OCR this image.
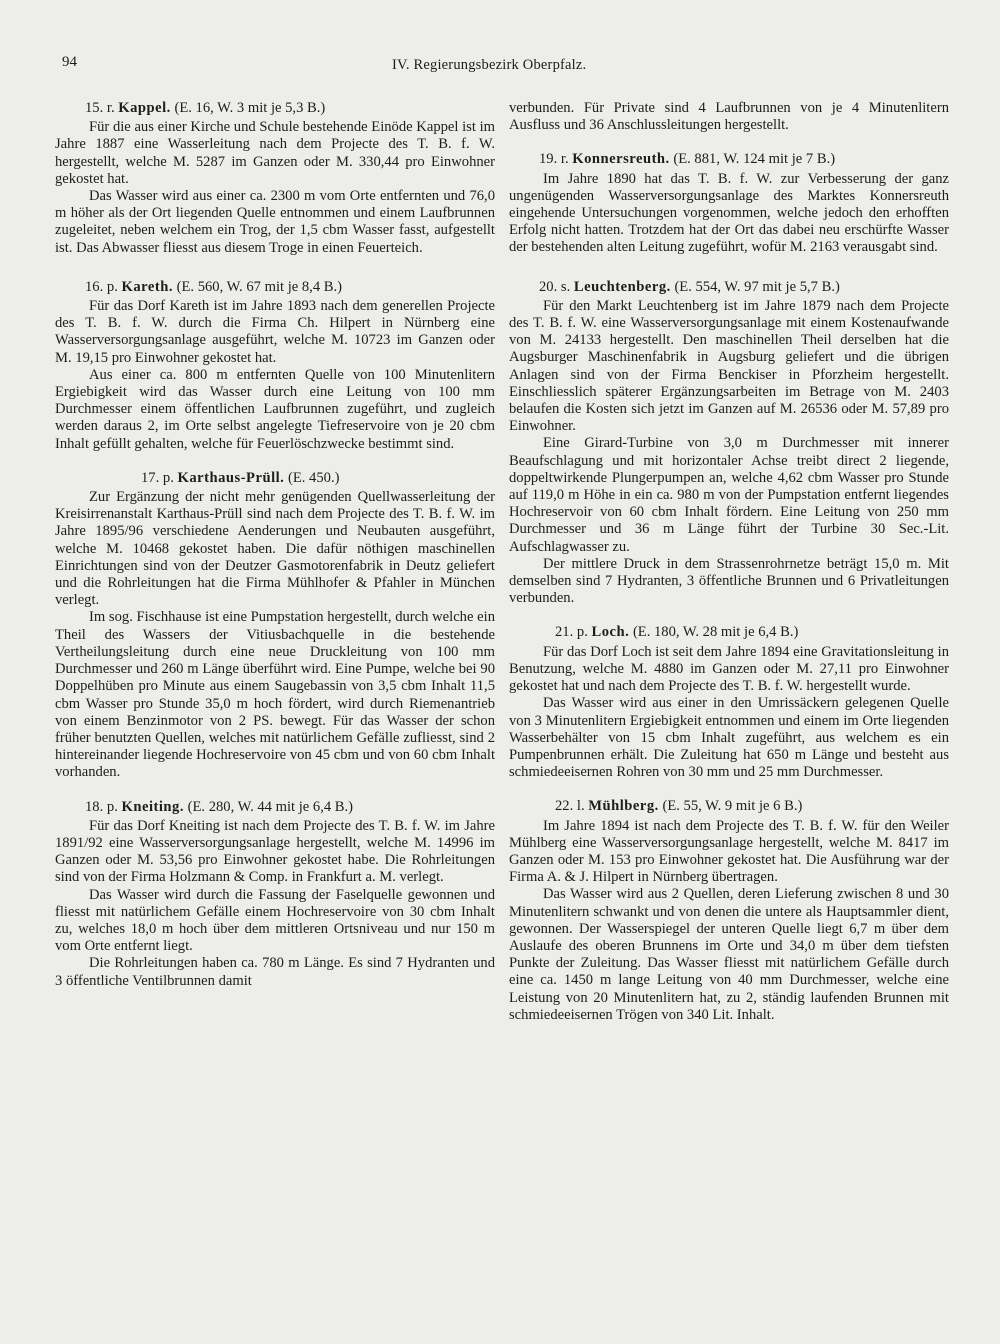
94	IV. Regierungsbezirk Oberpfalz.
15. r. Kappel. (E. 16, W. 3 mit je 5,3 B.)

Für die aus einer Kirche und Schule bestehende Einöde Kappel ist im Jahre 1887 eine Wasserleitung nach dem Projecte des T. B. f. W. hergestellt, welche M. 5287 im Ganzen oder M. 330,44 pro Einwohner gekostet hat.

Das Wasser wird aus einer ca. 2300 m vom Orte entfernten und 76,0 m höher als der Ort liegenden Quelle entnommen und einem Laufbrunnen zugeleitet, neben welchem ein Trog, der 1,5 cbm Wasser fasst, aufgestellt ist. Das Abwasser fliesst aus diesem Troge in einen Feuerteich.

16. p. Kareth. (E. 560, W. 67 mit je 8,4 B.)

Für das Dorf Kareth ist im Jahre 1893 nach dem generellen Projecte des T. B. f. W. durch die Firma Ch. Hilpert in Nürnberg eine Wasserversorgungsanlage ausgeführt, welche M. 10723 im Ganzen oder M. 19,15 pro Einwohner gekostet hat.

Aus einer ca. 800 m entfernten Quelle von 100 Minutenlitern Ergiebigkeit wird das Wasser durch eine Leitung von 100 mm Durchmesser einem öffentlichen Laufbrunnen zugeführt, und zugleich werden daraus 2, im Orte selbst angelegte Tiefreservoire von je 20 cbm Inhalt gefüllt gehalten, welche für Feuerlöschzwecke bestimmt sind.

17. p. Karthaus-Prüll. (E. 450.)

Zur Ergänzung der nicht mehr genügenden Quellwasserleitung der Kreisirrenanstalt Karthaus-Prüll sind nach dem Projecte des T. B. f. W. im Jahre 1895/96 verschiedene Aenderungen und Neubauten ausgeführt, welche M. 10468 gekostet haben. Die dafür nöthigen maschinellen Einrichtungen sind von der Deutzer Gasmotorenfabrik in Deutz geliefert und die Rohrleitungen hat die Firma Mühlhofer & Pfahler in München verlegt.

Im sog. Fischhause ist eine Pumpstation hergestellt, durch welche ein Theil des Wassers der Vitiusbachquelle in die bestehende Vertheilungsleitung durch eine neue Druckleitung von 100 mm Durchmesser und 260 m Länge überführt wird. Eine Pumpe, welche bei 90 Doppelhüben pro Minute aus einem Saugebassin von 3,5 cbm Inhalt 11,5 cbm Wasser pro Stunde 35,0 m hoch fördert, wird durch Riemenantrieb von einem Benzinmotor von 2 PS. bewegt. Für das Wasser der schon früher benutzten Quellen, welches mit natürlichem Gefälle zufliesst, sind 2 hintereinander liegende Hochreservoire von 45 cbm und von 60 cbm Inhalt vorhanden.

18. p. Kneiting. (E. 280, W. 44 mit je 6,4 B.)

Für das Dorf Kneiting ist nach dem Projecte des T. B. f. W. im Jahre 1891/92 eine Wasserversorgungsanlage hergestellt, welche M. 14996 im Ganzen oder M. 53,56 pro Einwohner gekostet habe. Die Rohrleitungen sind von der Firma Holzmann & Comp. in Frankfurt a. M. verlegt.

Das Wasser wird durch die Fassung der Faselquelle gewonnen und fliesst mit natürlichem Gefälle einem Hochreservoire von 30 cbm Inhalt zu, welches 18,0 m hoch über dem mittleren Ortsniveau und nur 150 m vom Orte entfernt liegt.

Die Rohrleitungen haben ca. 780 m Länge. Es sind 7 Hydranten und 3 öffentliche Ventilbrunnen damit

verbunden. Für Private sind 4 Laufbrunnen von je 4 Minutenlitern Ausfluss und 36 Anschlussleitungen hergestellt.

19. r. Konnersreuth. (E. 881, W. 124 mit je 7 B.)

Im Jahre 1890 hat das T. B. f. W. zur Verbesserung der ganz ungenügenden Wasserversorgungsanlage des Marktes Konnersreuth eingehende Untersuchungen vorgenommen, welche jedoch den erhofften Erfolg nicht hatten. Trotzdem hat der Ort das dabei neu erschürfte Wasser der bestehenden alten Leitung zugeführt, wofür M. 2163 verausgabt sind.

20. s. Leuchtenberg. (E. 554, W. 97 mit je 5,7 B.)

Für den Markt Leuchtenberg ist im Jahre 1879 nach dem Projecte des T. B. f. W. eine Wasserversorgungsanlage mit einem Kostenaufwande von M. 24133 hergestellt. Den maschinellen Theil derselben hat die Augsburger Maschinenfabrik in Augsburg geliefert und die übrigen Anlagen sind von der Firma Benckiser in Pforzheim hergestellt. Einschliesslich späterer Ergänzungsarbeiten im Betrage von M. 2403 belaufen die Kosten sich jetzt im Ganzen auf M. 26536 oder M. 57,89 pro Einwohner.

Eine Girard-Turbine von 3,0 m Durchmesser mit innerer Beaufschlagung und mit horizontaler Achse treibt direct 2 liegende, doppeltwirkende Plungerpumpen an, welche 4,62 cbm Wasser pro Stunde auf 119,0 m Höhe in ein ca. 980 m von der Pumpstation entfernt liegendes Hochreservoir von 60 cbm Inhalt fördern. Eine Leitung von 250 mm Durchmesser und 36 m Länge führt der Turbine 30 Sec.-Lit. Aufschlagwasser zu.

Der mittlere Druck in dem Strassenrohrnetze beträgt 15,0 m. Mit demselben sind 7 Hydranten, 3 öffentliche Brunnen und 6 Privatleitungen verbunden.

21. p. Loch. (E. 180, W. 28 mit je 6,4 B.)

Für das Dorf Loch ist seit dem Jahre 1894 eine Gravitationsleitung in Benutzung, welche M. 4880 im Ganzen oder M. 27,11 pro Einwohner gekostet hat und nach dem Projecte des T. B. f. W. hergestellt wurde.

Das Wasser wird aus einer in den Umrissäckern gelegenen Quelle von 3 Minutenlitern Ergiebigkeit entnommen und einem im Orte liegenden Wasserbehälter von 15 cbm Inhalt zugeführt, aus welchem es ein Pumpenbrunnen erhält. Die Zuleitung hat 650 m Länge und besteht aus schmiedeeisernen Rohren von 30 mm und 25 mm Durchmesser.

22. l. Mühlberg. (E. 55, W. 9 mit je 6 B.)

Im Jahre 1894 ist nach dem Projecte des T. B. f. W. für den Weiler Mühlberg eine Wasserversorgungsanlage hergestellt, welche M. 8417 im Ganzen oder M. 153 pro Einwohner gekostet hat. Die Ausführung war der Firma A. & J. Hilpert in Nürnberg übertragen.

Das Wasser wird aus 2 Quellen, deren Lieferung zwischen 8 und 30 Minutenlitern schwankt und von denen die untere als Hauptsammler dient, gewonnen. Der Wasserspiegel der unteren Quelle liegt 6,7 m über dem Auslaufe des oberen Brunnens im Orte und 34,0 m über dem tiefsten Punkte der Zuleitung. Das Wasser fliesst mit natürlichem Gefälle durch eine ca. 1450 m lange Leitung von 40 mm Durchmesser, welche eine Leistung von 20 Minutenlitern hat, zu 2, ständig laufenden Brunnen mit schmiedeeisernen Trögen von 340 Lit. Inhalt.
